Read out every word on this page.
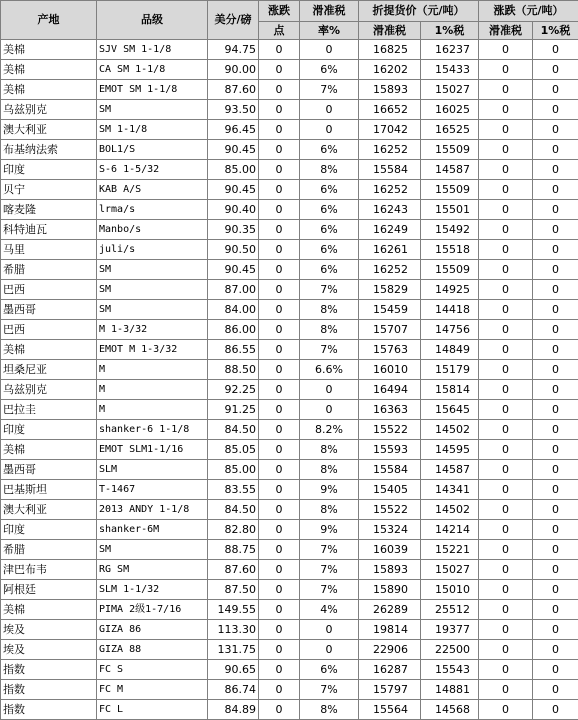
产地	品级	美分/磅	涨跌	滑准税	折提货价（元/吨）		涨跌（元/吨）	
			点	率%	滑准税	1%税	滑准税	1%税
美棉	SJV SM 1-1/8	94.75	0	0	16825	16237	0	0
美棉	CA SM 1-1/8	90.00	0	6%	16202	15433	0	0
美棉	EMOT SM 1-1/8	87.60	0	7%	15893	15027	0	0
乌兹别克	SM	93.50	0	0	16652	16025	0	0
澳大利亚	SM 1-1/8	96.45	0	0	17042	16525	0	0
布基纳法索	BOL1/S	90.45	0	6%	16252	15509	0	0
印度	S-6 1-5/32	85.00	0	8%	15584	14587	0	0
贝宁	KAB A/S	90.45	0	6%	16252	15509	0	0
喀麦隆	lrma/s	90.40	0	6%	16243	15501	0	0
科特迪瓦	Manbo/s	90.35	0	6%	16249	15492	0	0
马里	juli/s	90.50	0	6%	16261	15518	0	0
希腊	SM	90.45	0	6%	16252	15509	0	0
巴西	SM	87.00	0	7%	15829	14925	0	0
墨西哥	SM	84.00	0	8%	15459	14418	0	0
巴西	M 1-3/32	86.00	0	8%	15707	14756	0	0
美棉	EMOT M 1-3/32	86.55	0	7%	15763	14849	0	0
坦桑尼亚	M	88.50	0	6.6%	16010	15179	0	0
乌兹别克	M	92.25	0	0	16494	15814	0	0
巴拉圭	M	91.25	0	0	16363	15645	0	0
印度	shanker-6 1-1/8	84.50	0	8.2%	15522	14502	0	0
美棉	EMOT SLM1-1/16	85.05	0	8%	15593	14595	0	0
墨西哥	SLM	85.00	0	8%	15584	14587	0	0
巴基斯坦	T-1467	83.55	0	9%	15405	14341	0	0
澳大利亚	2013 ANDY 1-1/8	84.50	0	8%	15522	14502	0	0
印度	shanker-6M	82.80	0	9%	15324	14214	0	0
希腊	SM	88.75	0	7%	16039	15221	0	0
津巴布韦	RG SM	87.60	0	7%	15893	15027	0	0
阿根廷	SLM 1-1/32	87.50	0	7%	15890	15010	0	0
美棉	PIMA 2级1-7/16	149.55	0	4%	26289	25512	0	0
埃及	GIZA 86	113.30	0	0	19814	19377	0	0
埃及	GIZA 88	131.75	0	0	22906	22500	0	0
指数	FC S	90.65	0	6%	16287	15543	0	0
指数	FC M	86.74	0	7%	15797	14881	0	0
指数	FC L	84.89	0	8%	15564	14568	0	0
